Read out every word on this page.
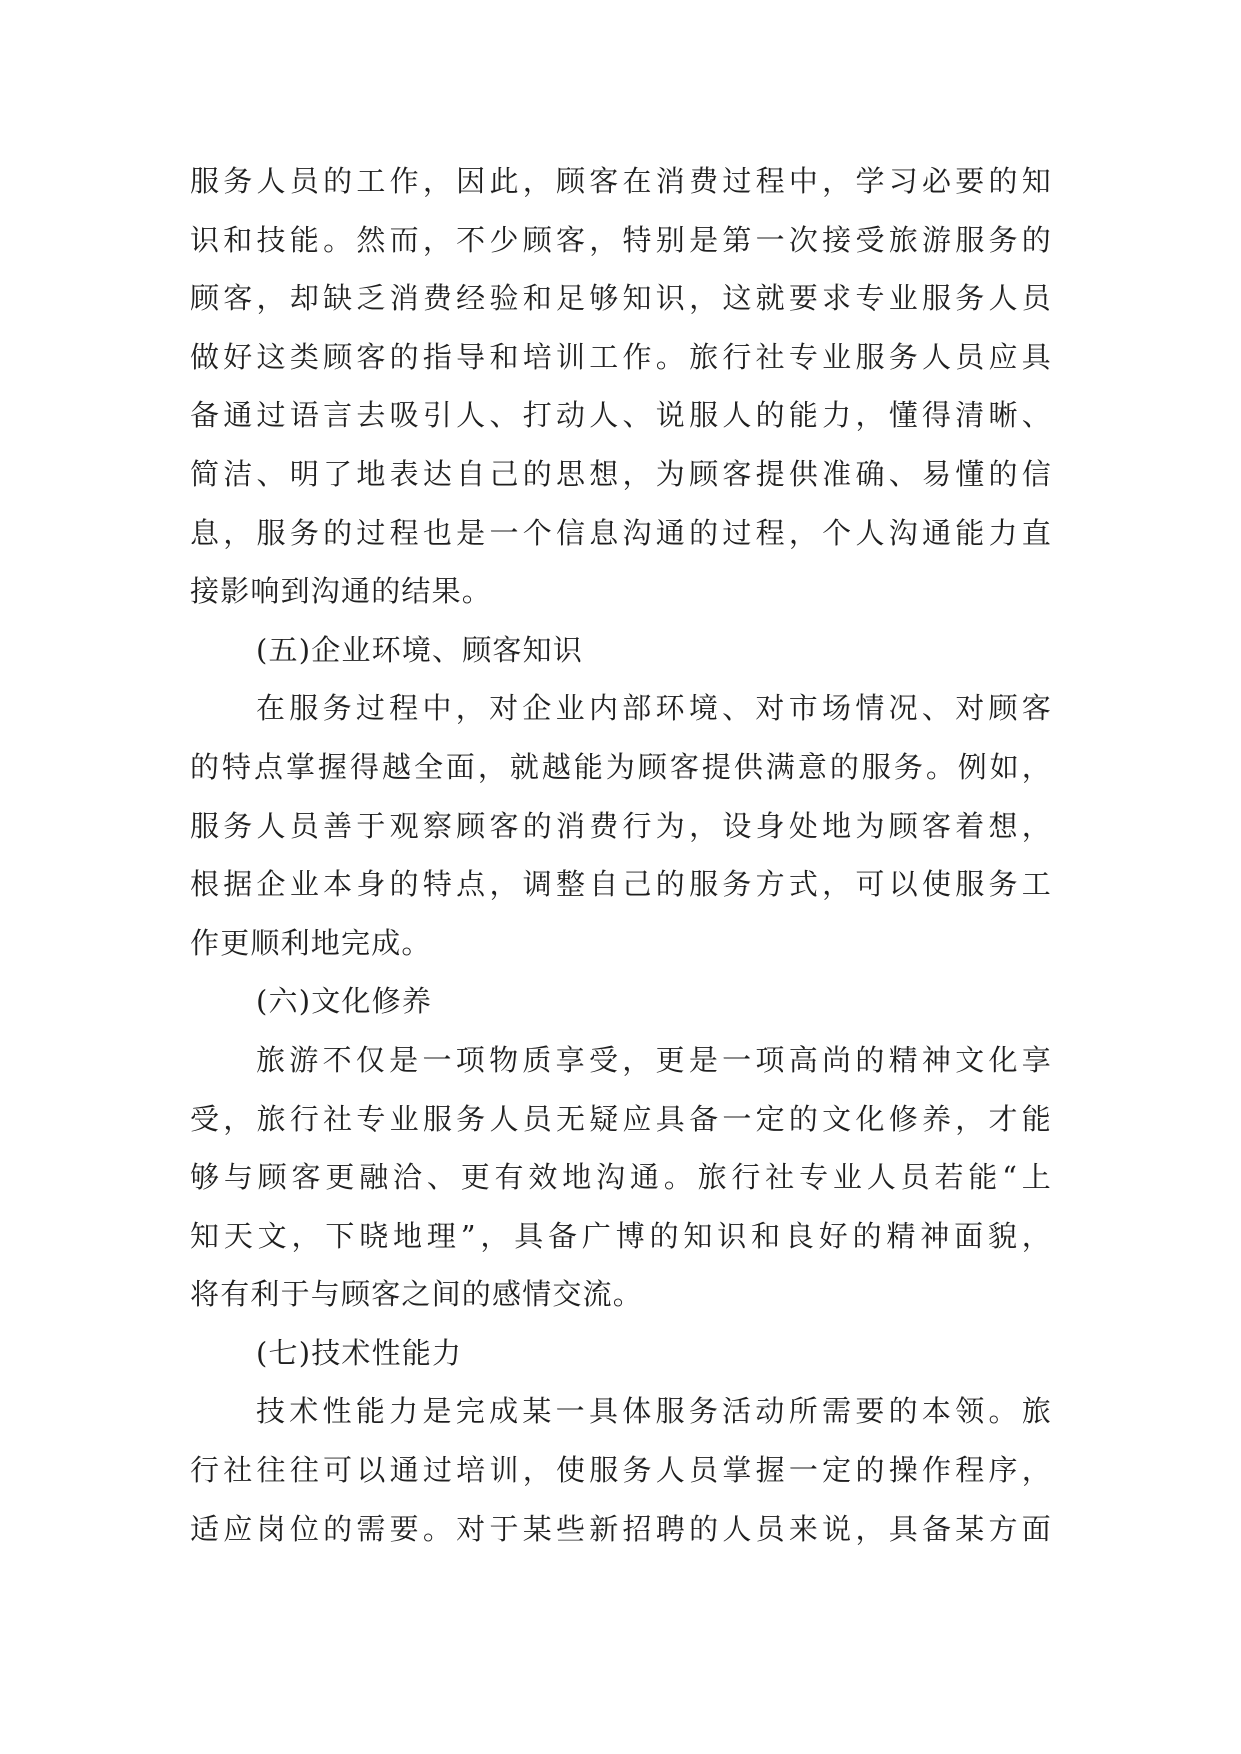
服务人员的工作，因此，顾客在消费过程中，学习必要的知
识和技能。然而，不少顾客，特别是第一次接受旅游服务的
顾客，却缺乏消费经验和足够知识，这就要求专业服务人员
做好这类顾客的指导和培训工作。旅行社专业服务人员应具
备通过语言去吸引人、打动人、说服人的能力，懂得清晰、
简洁、明了地表达自己的思想，为顾客提供准确、易懂的信
息，服务的过程也是一个信息沟通的过程，个人沟通能力直
接影响到沟通的结果。
(五)企业环境、顾客知识
在服务过程中，对企业内部环境、对市场情况、对顾客
的特点掌握得越全面，就越能为顾客提供满意的服务。例如，
服务人员善于观察顾客的消费行为，设身处地为顾客着想，
根据企业本身的特点，调整自己的服务方式，可以使服务工
作更顺利地完成。
(六)文化修养
旅游不仅是一项物质享受，更是一项高尚的精神文化享
受，旅行社专业服务人员无疑应具备一定的文化修养，才能
够与顾客更融洽、更有效地沟通。旅行社专业人员若能“上
知天文，下晓地理”，具备广博的知识和良好的精神面貌，
将有利于与顾客之间的感情交流。
(七)技术性能力
技术性能力是完成某一具体服务活动所需要的本领。旅
行社往往可以通过培训，使服务人员掌握一定的操作程序，
适应岗位的需要。对于某些新招聘的人员来说，具备某方面
